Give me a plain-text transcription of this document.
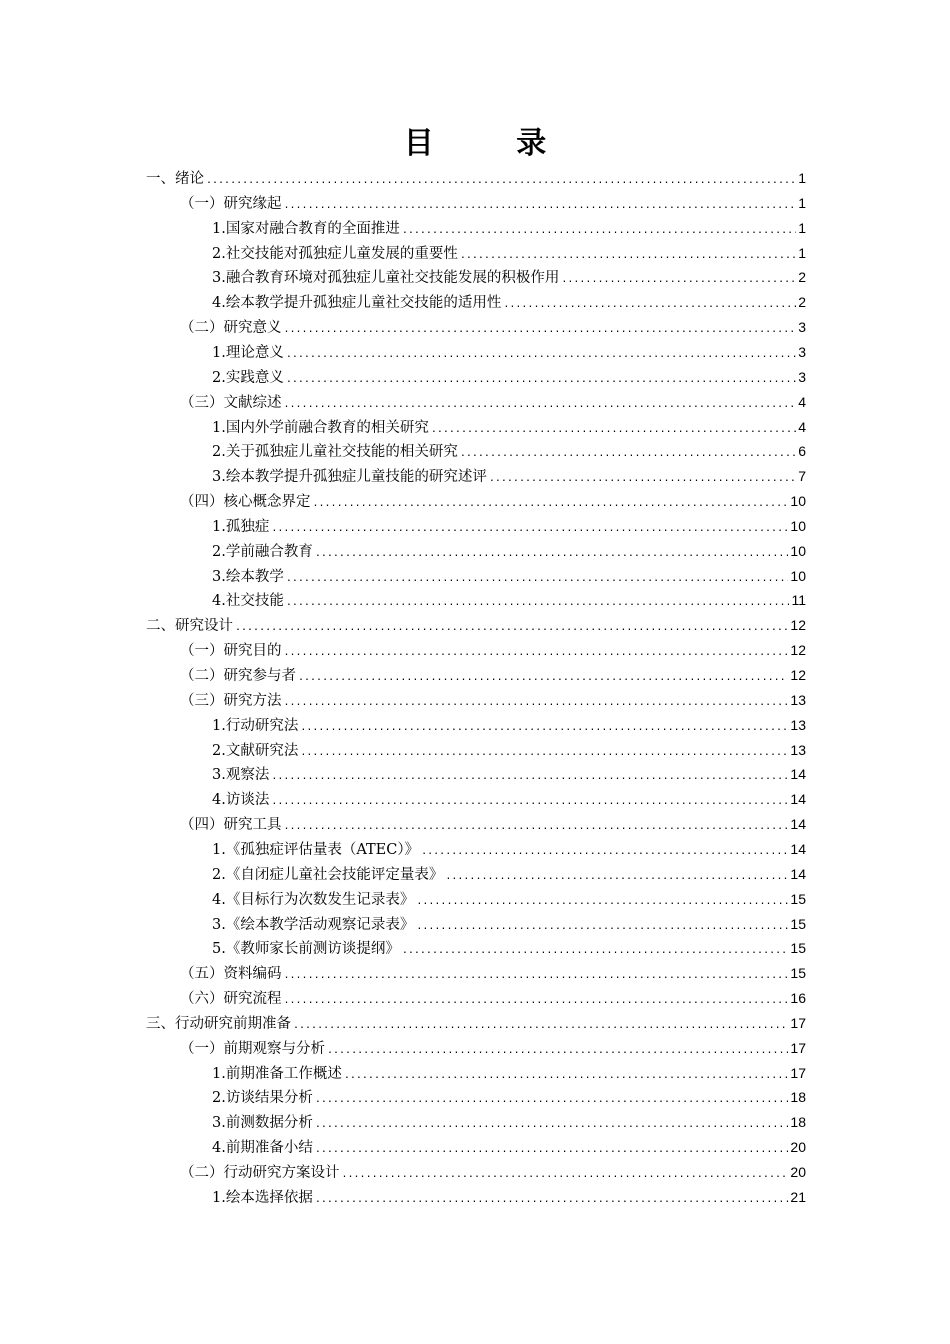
目 录
一、绪论 .....	1
（一）研究缘起 .....	1
1.国家对融合教育的全面推进 .....	1
2.社交技能对孤独症儿童发展的重要性 .....	1
3.融合教育环境对孤独症儿童社交技能发展的积极作用 .....	2
4.绘本教学提升孤独症儿童社交技能的适用性 .....	2
（二）研究意义 .....	3
1.理论意义 .....	3
2.实践意义 .....	3
（三）文献综述 .....	4
1.国内外学前融合教育的相关研究 .....	4
2.关于孤独症儿童社交技能的相关研究 .....	6
3.绘本教学提升孤独症儿童技能的研究述评 .....	7
（四）核心概念界定 .....	10
1.孤独症 .....	10
2.学前融合教育 .....	10
3.绘本教学 .....	10
4.社交技能 .....	11
二、研究设计 .....	12
（一）研究目的 .....	12
（二）研究参与者 .....	12
（三）研究方法 .....	13
1.行动研究法 .....	13
2.文献研究法 .....	13
3.观察法 .....	14
4.访谈法 .....	14
（四）研究工具 .....	14
1.《孤独症评估量表（ATEC）》 .....	14
2.《自闭症儿童社会技能评定量表》 .....	14
4.《目标行为次数发生记录表》 .....	15
3.《绘本教学活动观察记录表》 .....	15
5.《教师家长前测访谈提纲》 .....	15
（五）资料编码 .....	15
（六）研究流程 .....	16
三、行动研究前期准备 .....	17
（一）前期观察与分析 .....	17
1.前期准备工作概述 .....	17
2.访谈结果分析 .....	18
3.前测数据分析 .....	18
4.前期准备小结 .....	20
（二）行动研究方案设计 .....	20
1.绘本选择依据 .....	21
